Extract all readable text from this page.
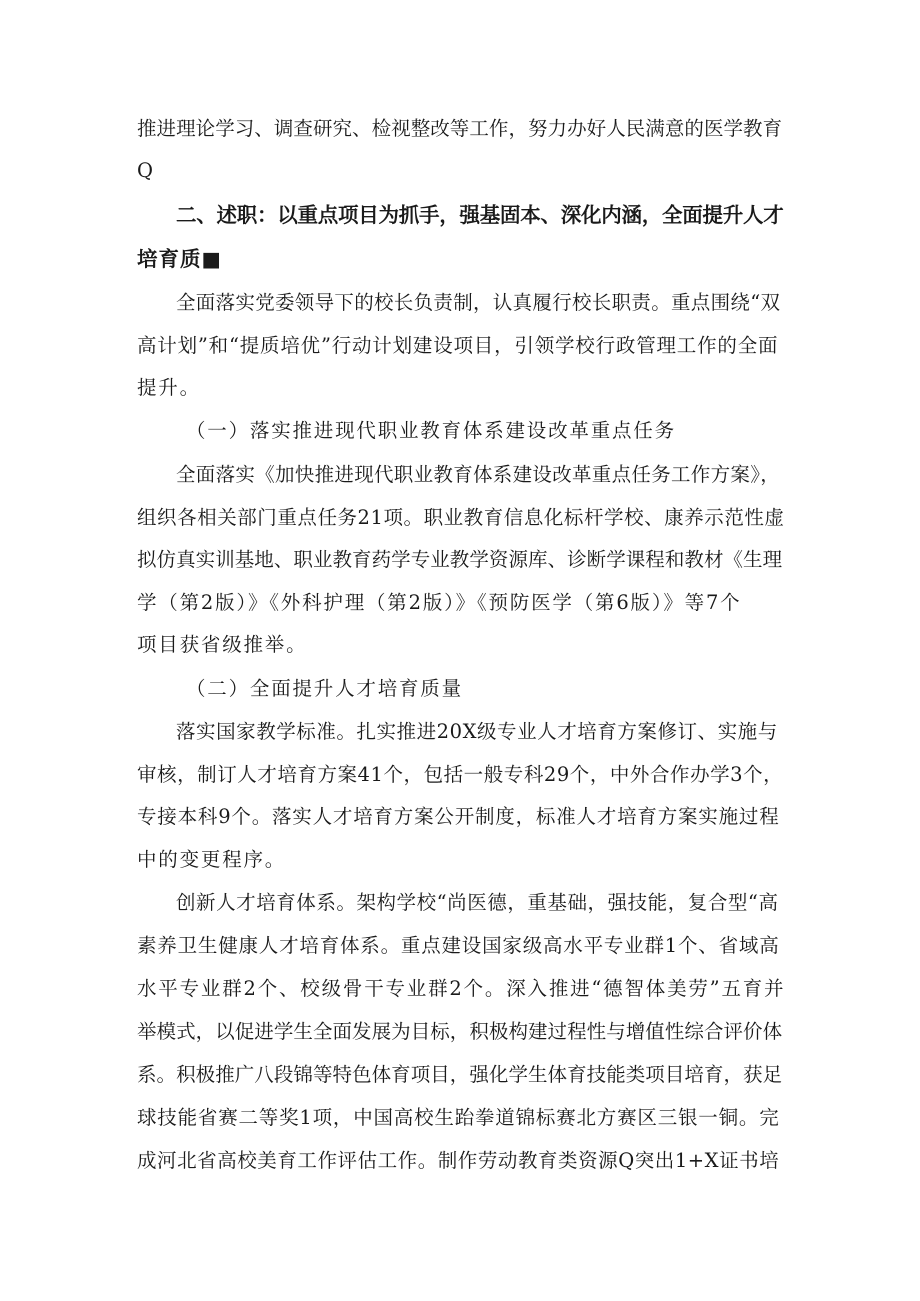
推进理论学习、调查研究、检视整改等工作，努力办好人民满意的医学教育
Q
二、述职：以重点项目为抓手，强基固本、深化内涵，全面提升人才
培育质■
全面落实党委领导下的校长负责制，认真履行校长职责。重点围绕“双
高计划”和“提质培优”行动计划建设项目，引领学校行政管理工作的全面
提升。
（一）落实推进现代职业教育体系建设改革重点任务
全面落实《加快推进现代职业教育体系建设改革重点任务工作方案》，
组织各相关部门重点任务21项。职业教育信息化标杆学校、康养示范性虚
拟仿真实训基地、职业教育药学专业教学资源库、诊断学课程和教材《生理
学（第2版）》《外科护理（第2版）》《预防医学（第6版）》等7个
项目获省级推举。
（二）全面提升人才培育质量
落实国家教学标准。扎实推进20X级专业人才培育方案修订、实施与
审核，制订人才培育方案41个，包括一般专科29个，中外合作办学3个，
专接本科9个。落实人才培育方案公开制度，标准人才培育方案实施过程
中的变更程序。
创新人才培育体系。架构学校“尚医德，重基础，强技能，复合型“高
素养卫生健康人才培育体系。重点建设国家级高水平专业群1个、省域高
水平专业群2个、校级骨干专业群2个。深入推进“德智体美劳”五育并
举模式，以促进学生全面发展为目标，积极构建过程性与增值性综合评价体
系。积极推广八段锦等特色体育项目，强化学生体育技能类项目培育，获足
球技能省赛二等奖1项，中国高校生跆拳道锦标赛北方赛区三银一铜。完
成河北省高校美育工作评估工作。制作劳动教育类资源Q突出1+X证书培
